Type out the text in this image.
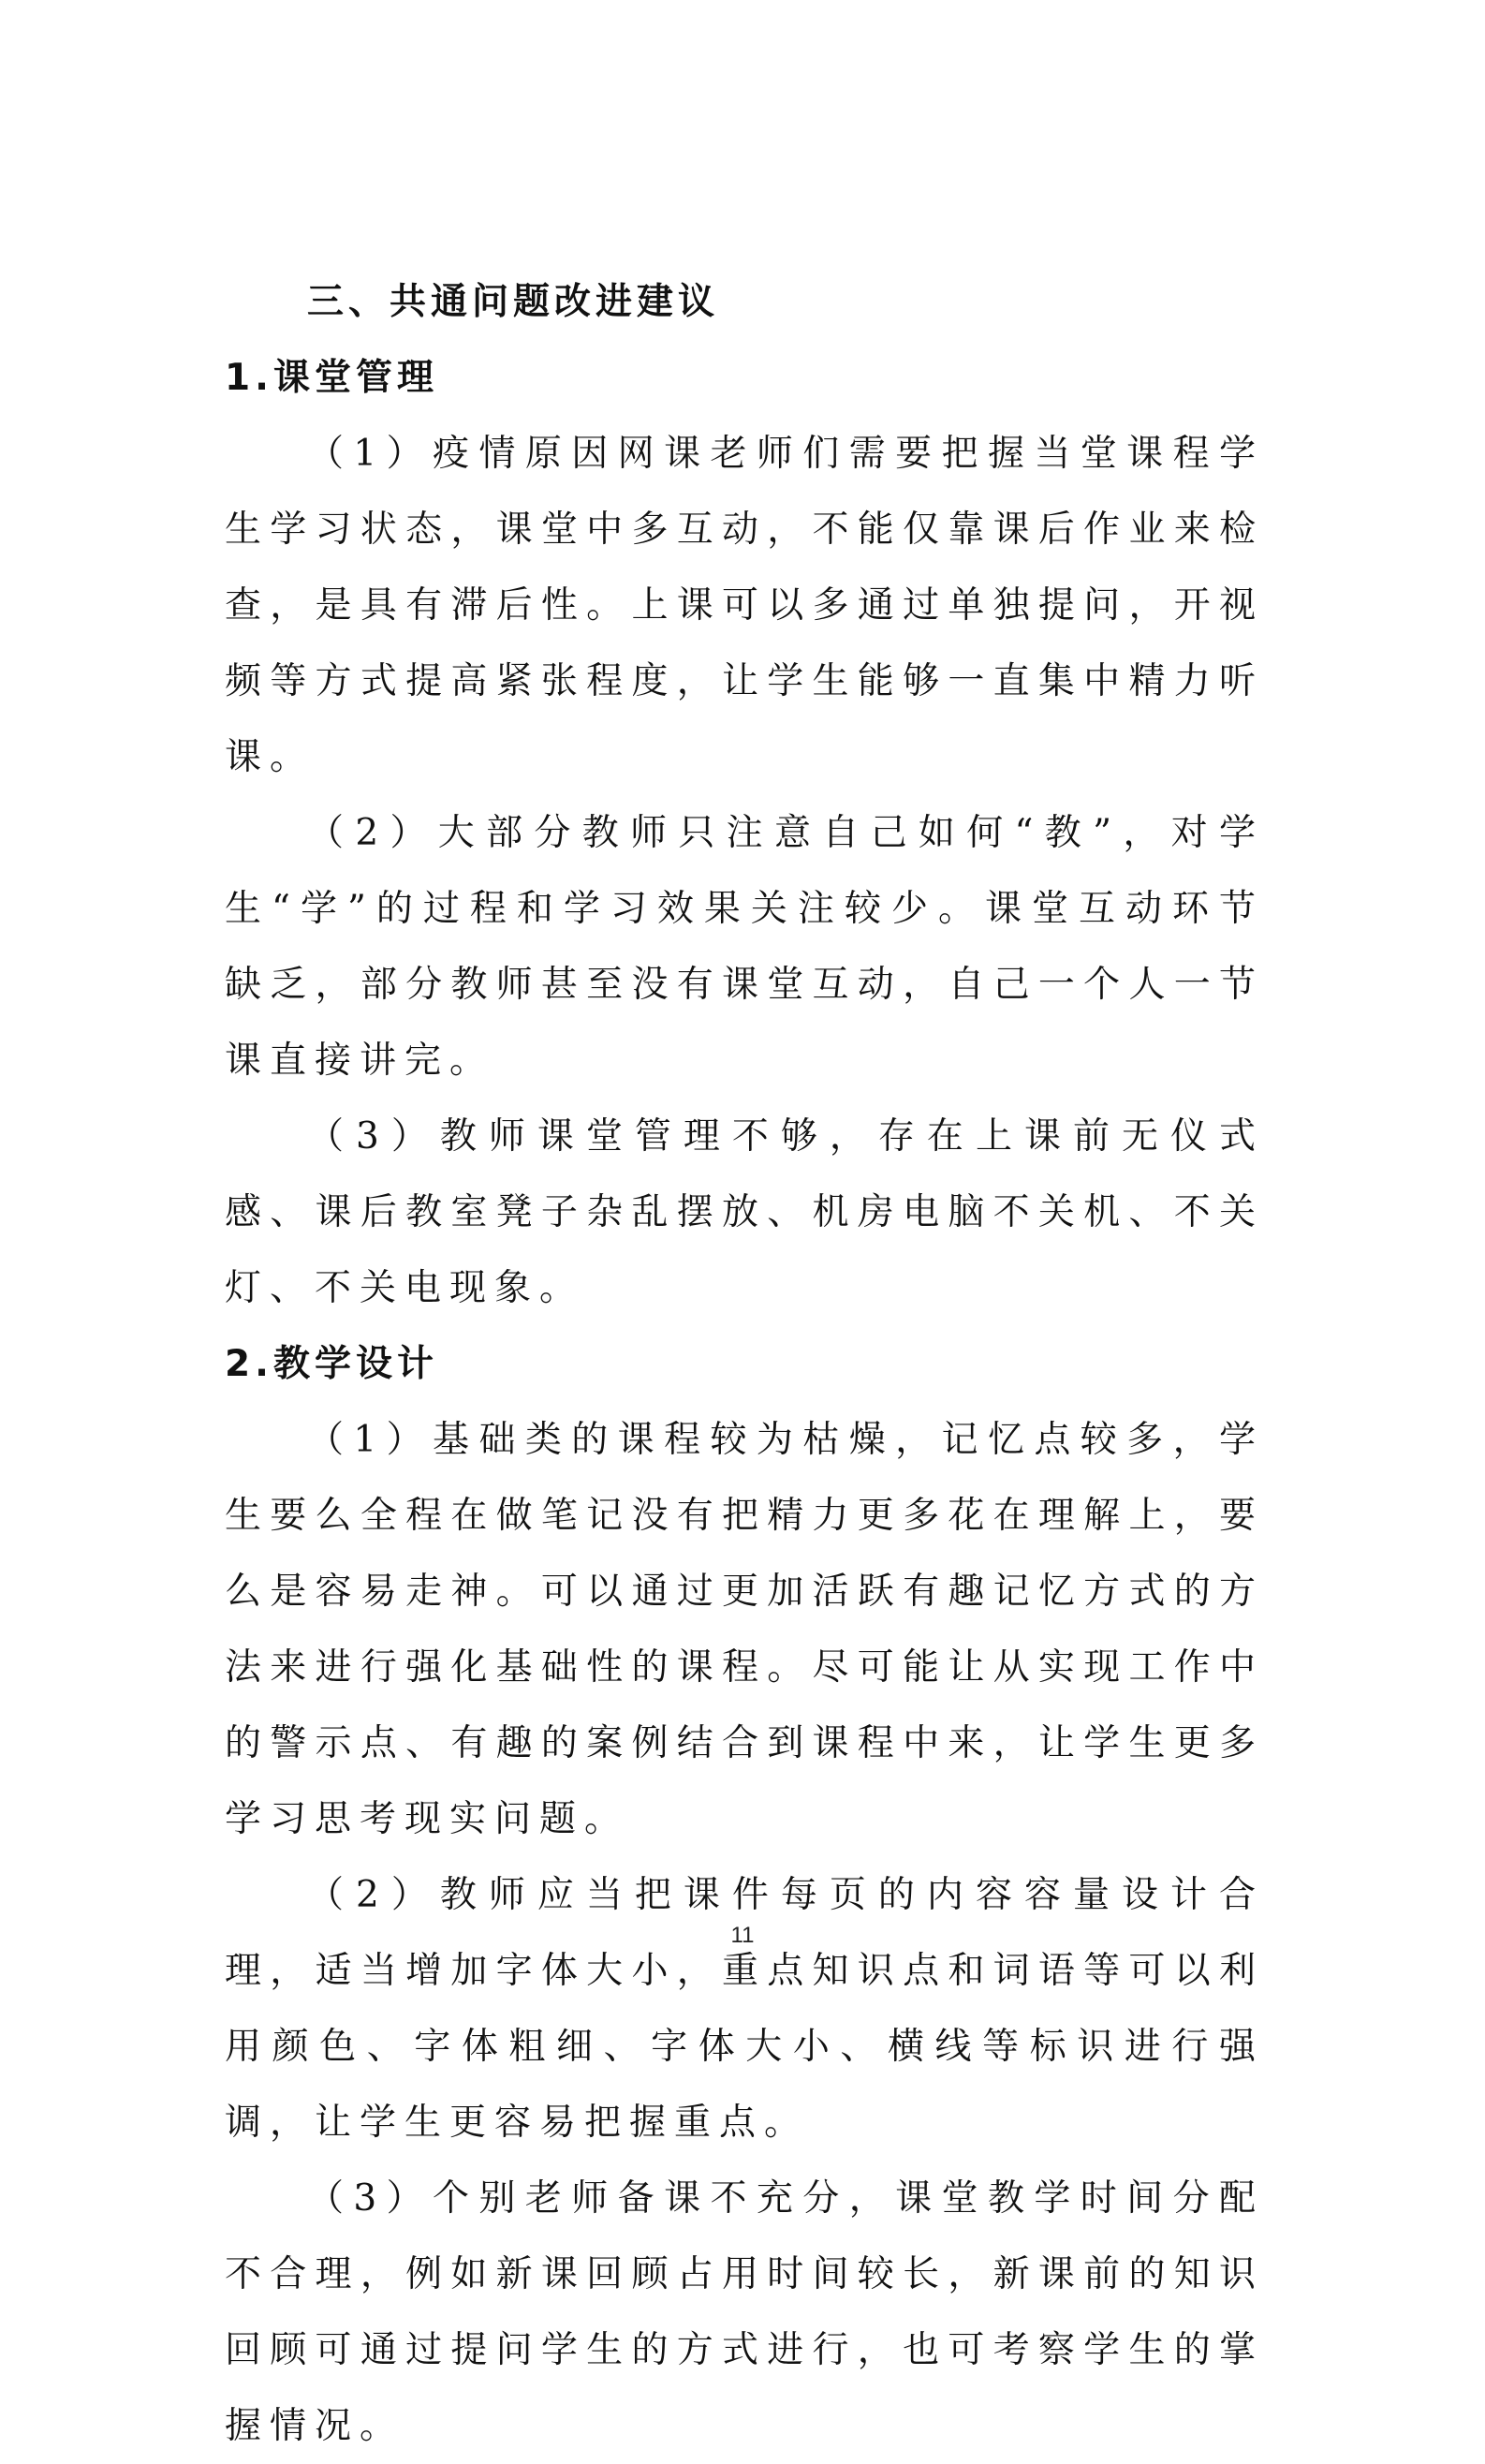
三、共通问题改进建议
1.课堂管理

（1）疫情原因网课老师们需要把握当堂课程学生学习状态，课堂中多互动，不能仅靠课后作业来检查，是具有滞后性。上课可以多通过单独提问，开视频等方式提高紧张程度，让学生能够一直集中精力听课。

（2）大部分教师只注意自己如何“教”，对学生“学”的过程和学习效果关注较少。课堂互动环节缺乏，部分教师甚至没有课堂互动，自己一个人一节课直接讲完。

（3）教师课堂管理不够，存在上课前无仪式感、课后教室凳子杂乱摆放、机房电脑不关机、不关灯、不关电现象。

2.教学设计

（1）基础类的课程较为枯燥，记忆点较多，学生要么全程在做笔记没有把精力更多花在理解上，要么是容易走神。可以通过更加活跃有趣记忆方式的方法来进行强化基础性的课程。尽可能让从实现工作中的警示点、有趣的案例结合到课程中来，让学生更多学习思考现实问题。

（2）教师应当把课件每页的内容容量设计合理，适当增加字体大小，重点知识点和词语等可以利用颜色、字体粗细、字体大小、横线等标识进行强调，让学生更容易把握重点。

（3）个别老师备课不充分，课堂教学时间分配不合理，例如新课回顾占用时间较长，新课前的知识回顾可通过提问学生的方式进行，也可考察学生的掌握情况。

11
